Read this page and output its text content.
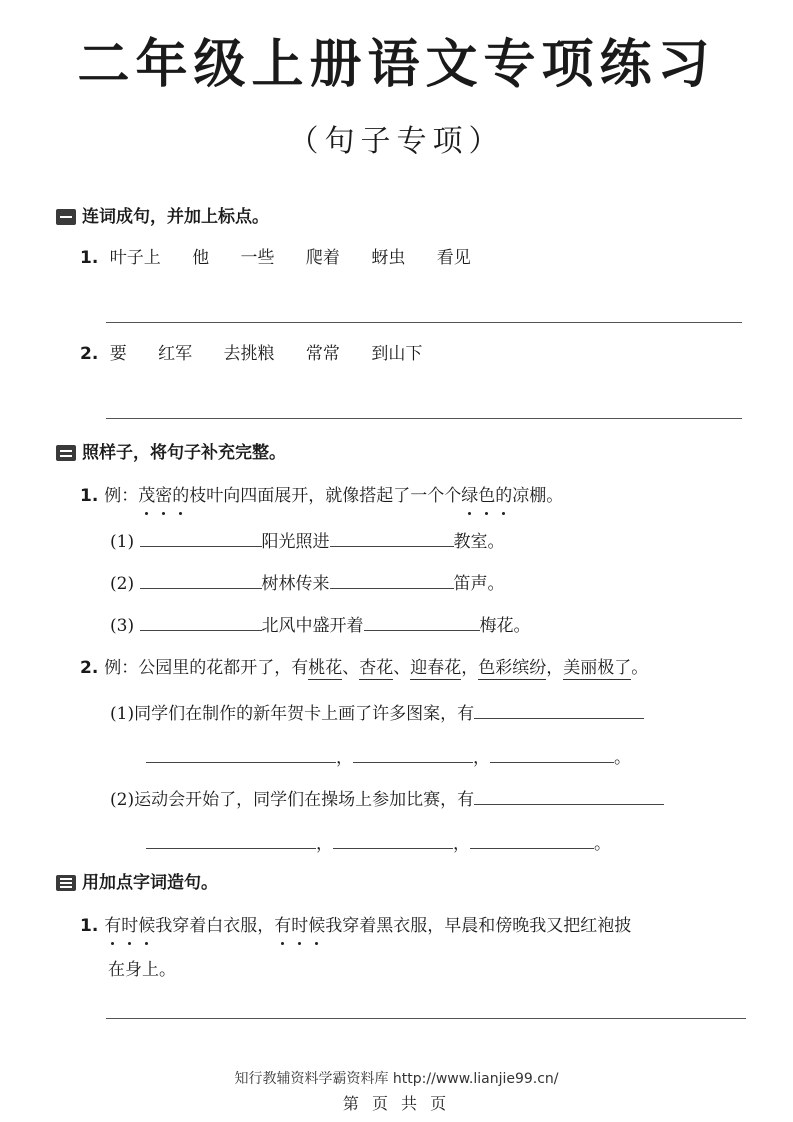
二年级上册语文专项练习
（句子专项）
连词成句，并加上标点。
1. 叶子上 他 一些 爬着 蚜虫 看见
2. 要 红军 去挑粮 常常 到山下
照样子，将句子补充完整。
1. 例：茂密的枝叶向四面展开，就像搭起了一个个绿色的凉棚。
(1)	阳光照进	教室。
(2)	树林传来	笛声。
(3)	北风中盛开着	梅花。
2. 例：公园里的花都开了，有桃花、杏花、迎春花，色彩缤纷，美丽极了。
(1)同学们在制作的新年贺卡上画了许多图案，有
，	，	。
(2)运动会开始了，同学们在操场上参加比赛，有
，	，	。
用加点字词造句。
1. 有时候我穿着白衣服，有时候我穿着黑衣服，早晨和傍晚我又把红袍披
在身上。
知行教辅资料学霸资料库 http://www.lianjie99.cn/
第 页 共 页
